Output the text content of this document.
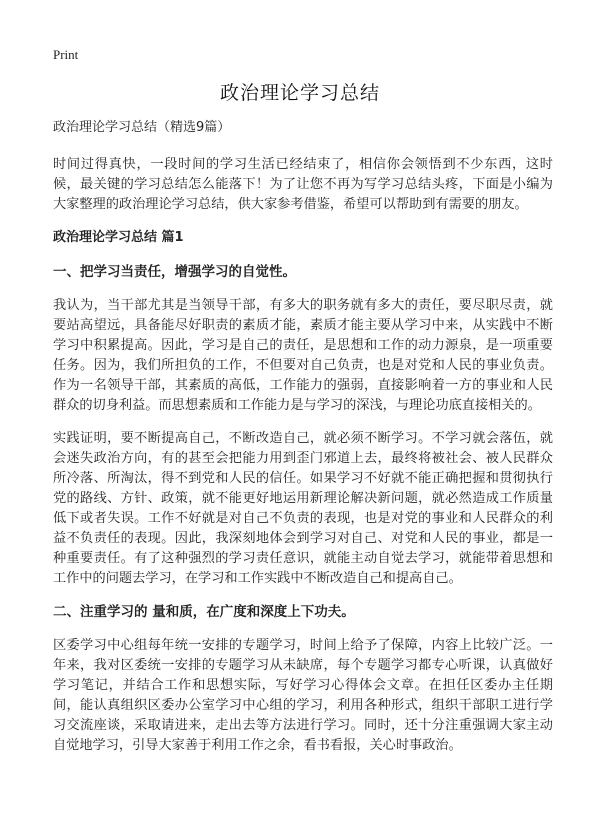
Print
政治理论学习总结

政治理论学习总结（精选9篇）

时间过得真快，一段时间的学习生活已经结束了，相信你会领悟到不少东西，这时候，最关键的学习总结怎么能落下！为了让您不再为写学习总结头疼，下面是小编为大家整理的政治理论学习总结，供大家参考借鉴，希望可以帮助到有需要的朋友。

政治理论学习总结 篇1

一、把学习当责任，增强学习的自觉性。

我认为，当干部尤其是当领导干部，有多大的职务就有多大的责任，要尽职尽责，就要站高望远，具备能尽好职责的素质才能，素质才能主要从学习中来，从实践中不断学习中积累提高。因此，学习是自己的责任，是思想和工作的动力源泉，是一项重要任务。因为，我们所担负的工作，不但要对自己负责，也是对党和人民的事业负责。作为一名领导干部，其素质的高低，工作能力的强弱，直接影响着一方的事业和人民群众的切身利益。而思想素质和工作能力是与学习的深浅，与理论功底直接相关的。

实践证明，要不断提高自己，不断改造自己，就必须不断学习。不学习就会落伍，就会迷失政治方向，有的甚至会把能力用到歪门邪道上去，最终将被社会、被人民群众所冷落、所淘汰，得不到党和人民的信任。如果学习不好就不能正确把握和贯彻执行党的路线、方针、政策，就不能更好地运用新理论解决新问题，就必然造成工作质量低下或者失误。工作不好就是对自己不负责的表现，也是对党的事业和人民群众的利益不负责任的表现。因此，我深刻地体会到学习对自己、对党和人民的事业，都是一种重要责任。有了这种强烈的学习责任意识，就能主动自觉去学习，就能带着思想和工作中的问题去学习，在学习和工作实践中不断改造自己和提高自己。

二、注重学习的 量和质，在广度和深度上下功夫。

区委学习中心组每年统一安排的专题学习，时间上给予了保障，内容上比较广泛。一年来，我对区委统一安排的专题学习从未缺席，每个专题学习都专心听课，认真做好学习笔记，并结合工作和思想实际，写好学习心得体会文章。在担任区委办主任期间，能认真组织区委办公室学习中心组的学习，利用各种形式，组织干部职工进行学习交流座谈，采取请进来，走出去等方法进行学习。同时，还十分注重强调大家主动自觉地学习，引导大家善于利用工作之余，看书看报，关心时事政治。
